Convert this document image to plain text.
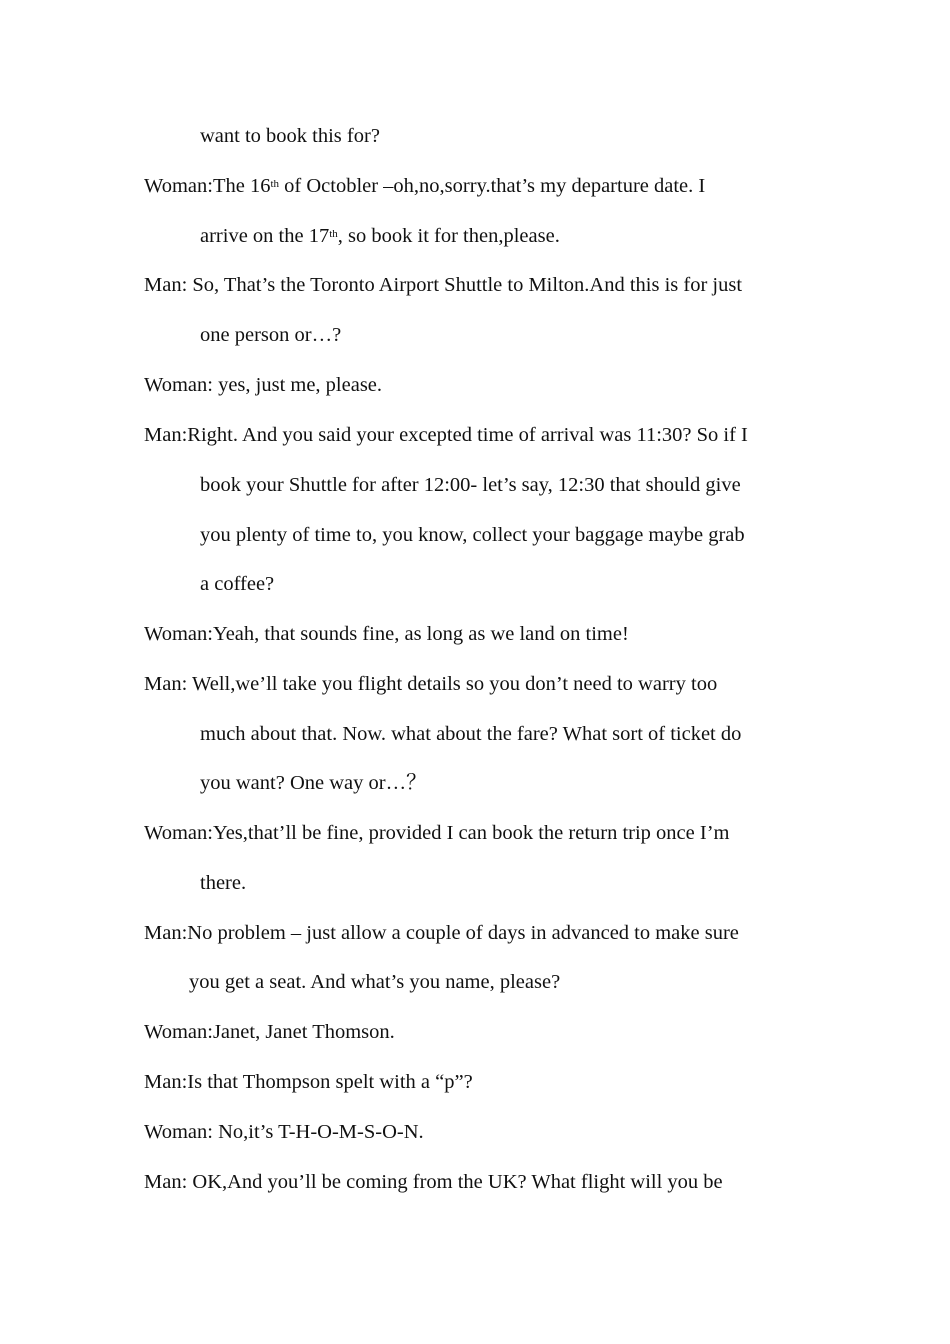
want to book this for?
Woman:The 16th of Octobler –oh,no,sorry.that’s my departure date. I
arrive on the 17th, so book it for then,please.
Man: So, That’s the Toronto Airport Shuttle to Milton.And this is for just
one person or…?
Woman: yes, just me, please.
Man:Right. And you said your excepted time of arrival was 11:30? So if I
book your Shuttle for after 12:00- let’s say, 12:30 that should give
you plenty of time to, you know, collect your baggage maybe grab
a coffee?
Woman:Yeah, that sounds fine, as long as we land on time!
Man: Well,we’ll take you flight details so you don’t need to warry too
much about that. Now. what about the fare? What sort of ticket do
you want? One way or…？
Woman:Yes,that’ll be fine, provided I can book the return trip once I’m
there.
Man:No problem – just allow a couple of days in advanced to make sure
you get a seat. And what’s you name, please?
Woman:Janet, Janet Thomson.
Man:Is that Thompson spelt with a “p”?
Woman: No,it’s T-H-O-M-S-O-N.
Man: OK,And you’ll be coming from the UK? What flight will you be
